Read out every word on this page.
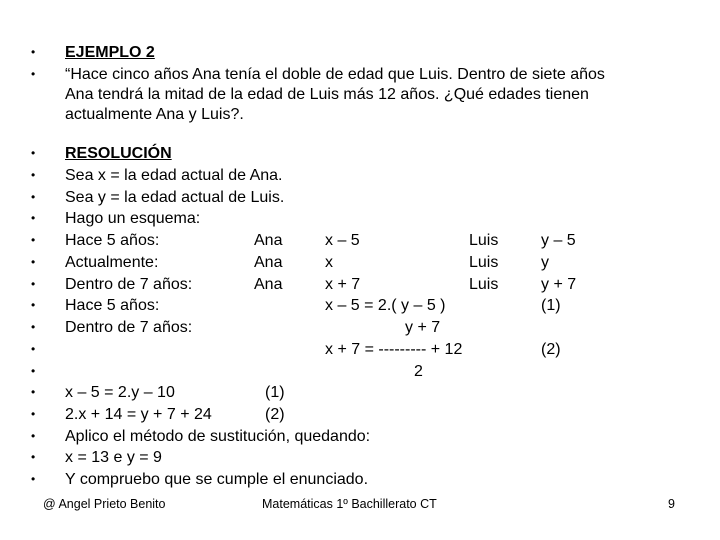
•
•
EJEMPLO 2
“Hace cinco años Ana tenía el doble de edad que Luis. Dentro de siete años
Ana tendrá la mitad de la edad de Luis más 12 años. ¿Qué edades tienen
actualmente Ana y Luis?.
•
•
•
•
•
•
•
•
•
•
•
•
•
•
•
•
RESOLUCIÓN
Sea x = la edad actual de Ana.
Sea y = la edad actual de Luis.
Hago un esquema:
Hace 5 años:	Ana	x – 5	Luis	y – 5
Actualmente:	Ana	x	Luis	y
Dentro de 7 años:	Ana	x + 7	Luis	y + 7
Hace 5 años:	x – 5 = 2.( y – 5 )	(1)
Dentro de 7 años:	y + 7
x + 7 = --------- + 12	(2)
2
x – 5 = 2.y – 10	(1)
2.x + 14 = y + 7 + 24	(2)
Aplico el método de sustitución, quedando:
x = 13 e y = 9
Y compruebo que se cumple el enunciado.
@ Angel Prieto Benito	Matemáticas 1º Bachillerato CT	9
